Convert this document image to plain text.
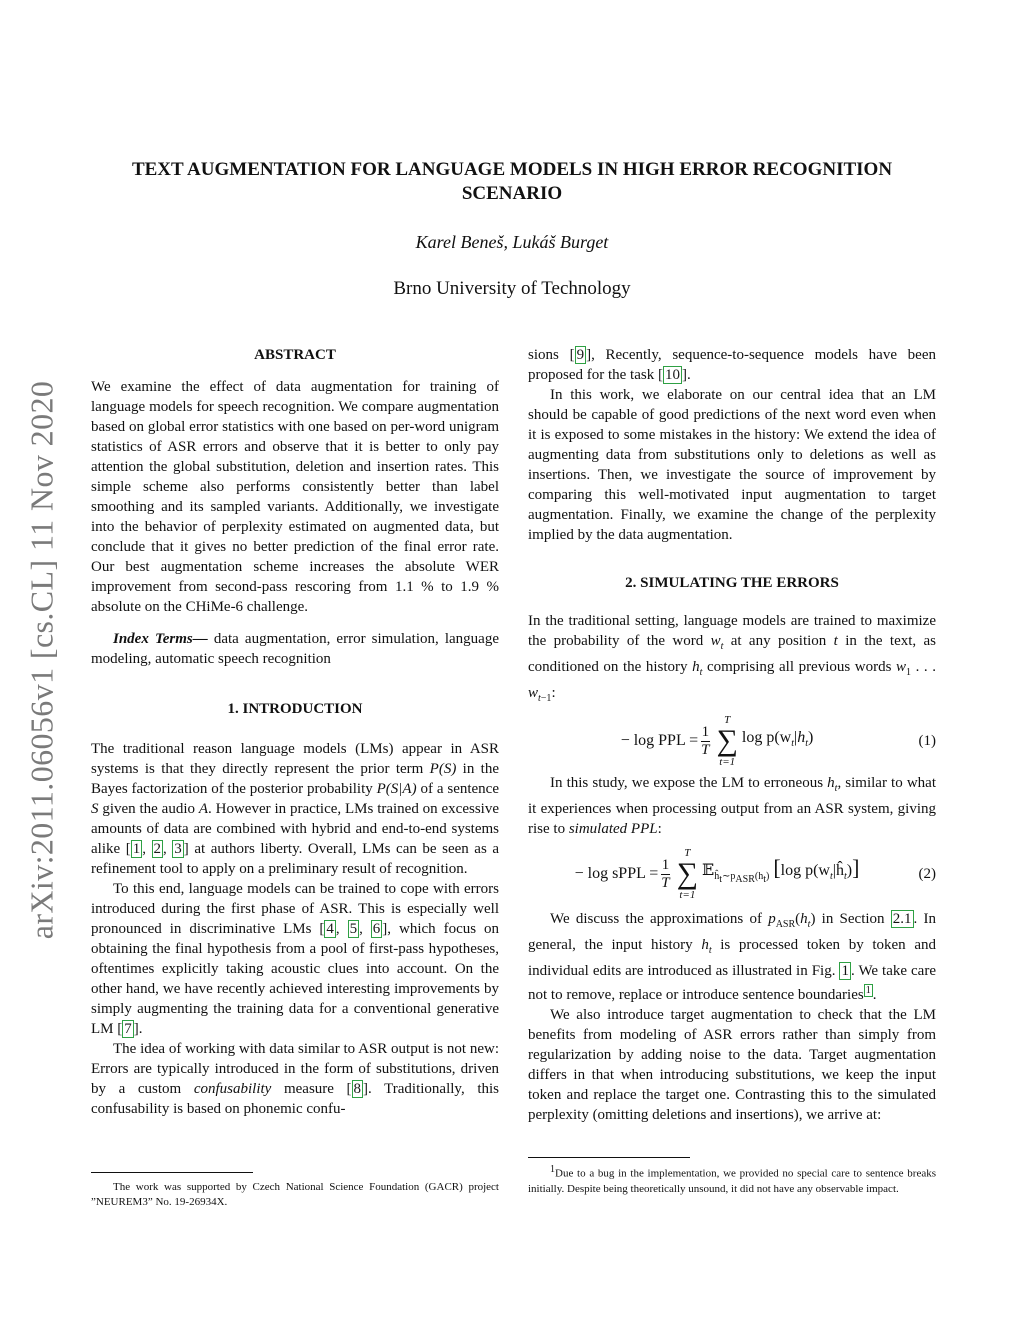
arXiv:2011.06056v1 [cs.CL] 11 Nov 2020
TEXT AUGMENTATION FOR LANGUAGE MODELS IN HIGH ERROR RECOGNITION SCENARIO
Karel Beneš, Lukáš Burget
Brno University of Technology

ABSTRACT

We examine the effect of data augmentation for training of language models for speech recognition. We compare augmentation based on global error statistics with one based on per-word unigram statistics of ASR errors and observe that it is better to only pay attention the global substitution, deletion and insertion rates. This simple scheme also performs consistently better than label smoothing and its sampled variants. Additionally, we investigate into the behavior of perplexity estimated on augmented data, but conclude that it gives no better prediction of the final error rate. Our best augmentation scheme increases the absolute WER improvement from second-pass rescoring from 1.1 % to 1.9 % absolute on the CHiMe-6 challenge.

Index Terms— data augmentation, error simulation, language modeling, automatic speech recognition

1. INTRODUCTION

The traditional reason language models (LMs) appear in ASR systems is that they directly represent the prior term P(S) in the Bayes factorization of the posterior probability P(S|A) of a sentence S given the audio A. However in practice, LMs trained on excessive amounts of data are combined with hybrid and end-to-end systems alike [ 1 , 2 , 3 ] at authors liberty. Overall, LMs can be seen as a refinement tool to apply on a preliminary result of recognition.

To this end, language models can be trained to cope with errors introduced during the first phase of ASR. This is especially well pronounced in discriminative LMs [ 4 , 5 , 6 ] , which focus on obtaining the final hypothesis from a pool of first-pass hypotheses, oftentimes explicitly taking acoustic clues into account. On the other hand, we have recently achieved interesting improvements by simply augmenting the training data for a conventional generative LM [ 7 ] .

The idea of working with data similar to ASR output is not new: Errors are typically introduced in the form of substitutions, driven by a custom confusability measure [ 8 ] . Traditionally, this confusability is based on phonemic confu-

The work was supported by Czech National Science Foundation (GACR) project ”NEUREM3” No. 19-26934X.

sions [ 9 ] , Recently, sequence-to-sequence models have been proposed for the task [ 10 ] .

In this work, we elaborate on our central idea that an LM should be capable of good predictions of the next word even when it is exposed to some mistakes in the history: We extend the idea of augmenting data from substitutions only to deletions as well as insertions. Then, we investigate the source of improvement by comparing this well-motivated input augmentation to target augmentation. Finally, we examine the change of the perplexity implied by the data augmentation.

2. SIMULATING THE ERRORS

In the traditional setting, language models are trained to maximize the probability of the word $w_t$ at any position t in the text, as conditioned on the history $h_t$ comprising all previous words $w_1$ . . . $w_{t-1}$:

− log PPL = $\frac{1}{T}$
T
∑
t=1
$\log p(w_t|h_t)$	(1)

In this study, we expose the LM to erroneous $h_t$, similar to what it experiences when processing output from an ASR system, giving rise to simulated PPL:

− log sPPL = $\frac{1}{T}$
T
∑
t=1
𝔼$_{ĥ_t\sim p_{ASR}(h_t)}$ [log $p(w_t|ĥ_t)$]	(2)

We discuss the approximations of $p_{ASR}(h_t)$ in Section 2.1 . In general, the input history $h_t$ is processed token by token and individual edits are introduced as illustrated in Fig. 1 . We take care not to remove, replace or introduce sentence boundaries $^1$ .

We also introduce target augmentation to check that the LM benefits from modeling of ASR errors rather than simply from regularization by adding noise to the data. Target augmentation differs in that when introducing substitutions, we keep the input token and replace the target one. Contrasting this to the simulated perplexity (omitting deletions and insertions), we arrive at:

$^1$Due to a bug in the implementation, we provided no special care to sentence breaks initially. Despite being theoretically unsound, it did not have any observable impact.
